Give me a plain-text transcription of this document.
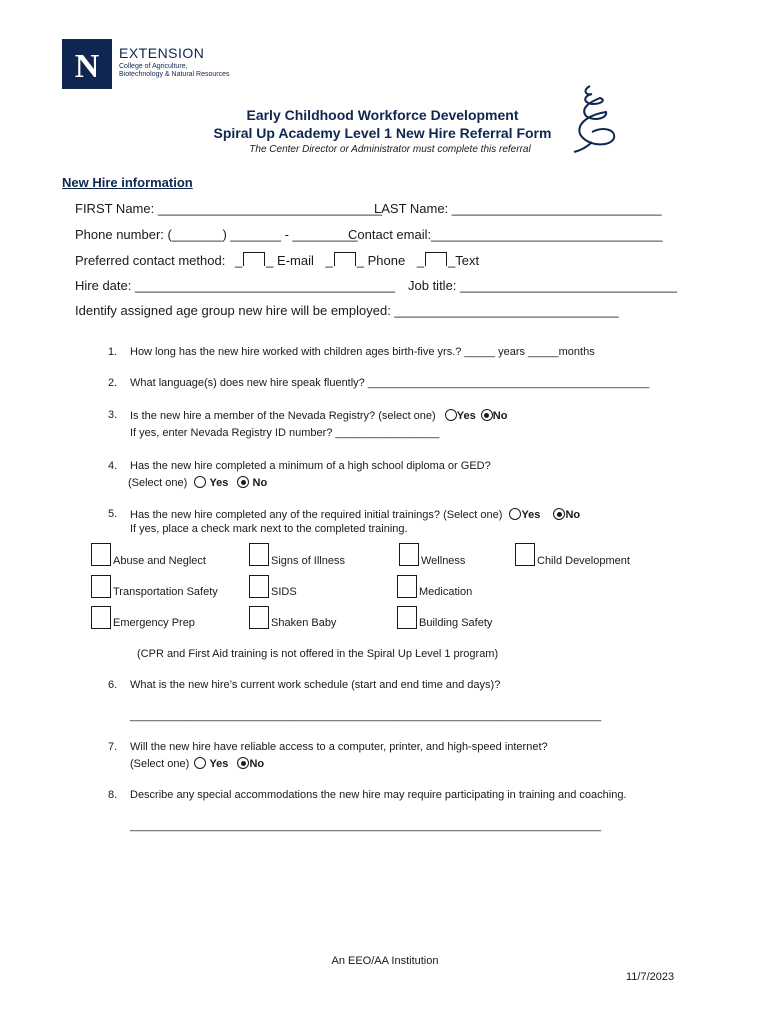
N EXTENSION
College of Agriculture,
Biotechnology & Natural Resources
Early Childhood Workforce Development
Spiral Up Academy Level 1 New Hire Referral Form
The Center Director or Administrator must complete this referral
New Hire information
FIRST Name: _______________________________
LAST Name: _____________________________
Phone number: (_______) _______ - _________
Contact email:________________________________
Preferred contact method: _ _ E-mail _ _ Phone _ _Text
Hire date: ____________________________________ Job title: ______________________________
Identify assigned age group new hire will be employed: _______________________________
1. How long has the new hire worked with children ages birth-five yrs.? _____ years _____months
2. What language(s) does new hire speak fluently? ______________________________________________
3. Is the new hire a member of the Nevada Registry? (select one) Yes No
If yes, enter Nevada Registry ID number? _________________
4. Has the new hire completed a minimum of a high school diploma or GED?
(Select one) Yes No
5. Has the new hire completed any of the required initial trainings? (Select one) Yes No
If yes, place a check mark next to the completed training.
Abuse and Neglect	Signs of Illness	Wellness	Child Development
Transportation Safety	SIDS	Medication
Emergency Prep	Shaken Baby	Building Safety
(CPR and First Aid training is not offered in the Spiral Up Level 1 program)
6. What is the new hire’s current work schedule (start and end time and days)?
_____________________________________________________________________________
7. Will the new hire have reliable access to a computer, printer, and high-speed internet?
(Select one) Yes No
8. Describe any special accommodations the new hire may require participating in training and coaching.
_____________________________________________________________________________
An EEO/AA Institution
11/7/2023
